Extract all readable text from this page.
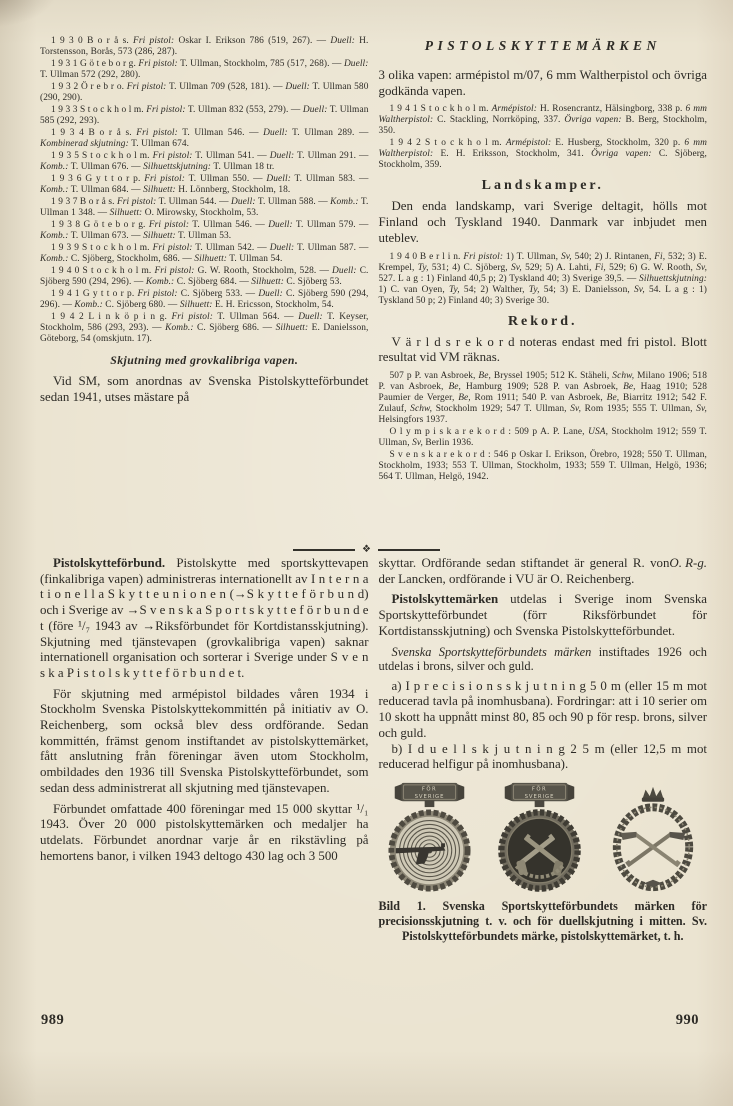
1 9 3 0 B o r å s. Fri pistol: Oskar I. Erikson 786 (519, 267). — Duell: H. Torstensson, Borås, 573 (286, 287).

1 9 3 1 G ö t e b o r g. Fri pistol: T. Ullman, Stockholm, 785 (517, 268). — Duell: T. Ullman 572 (292, 280).

1 9 3 2 Ö r e b r o. Fri pistol: T. Ullman 709 (528, 181). — Duell: T. Ullman 580 (290, 290).

1 9 3 3 S t o c k h o l m. Fri pistol: T. Ullman 832 (553, 279). — Duell: T. Ullman 585 (292, 293).

1 9 3 4 B o r å s. Fri pistol: T. Ullman 546. — Duell: T. Ullman 289. — Kombinerad skjutning: T. Ullman 674.

1 9 3 5 S t o c k h o l m. Fri pistol: T. Ullman 541. — Duell: T. Ullman 291. — Komb.: T. Ullman 676. — Silhuettskjutning: T. Ullman 18 tr.

1 9 3 6 G y t t o r p. Fri pistol: T. Ullman 550. — Duell: T. Ullman 583. — Komb.: T. Ullman 684. — Silhuett: H. Lönnberg, Stockholm, 18.

1 9 3 7 B o r å s. Fri pistol: T. Ullman 544. — Duell: T. Ullman 588. — Komb.: T. Ullman 1 348. — Silhuett: O. Mirowsky, Stockholm, 53.

1 9 3 8 G ö t e b o r g. Fri pistol: T. Ullman 546. — Duell: T. Ullman 579. — Komb.: T. Ullman 673. — Silhuett: T. Ullman 53.

1 9 3 9 S t o c k h o l m. Fri pistol: T. Ullman 542. — Duell: T. Ullman 587. — Komb.: C. Sjöberg, Stockholm, 686. — Silhuett: T. Ullman 54.

1 9 4 0 S t o c k h o l m. Fri pistol: G. W. Rooth, Stockholm, 528. — Duell: C. Sjöberg 590 (294, 296). — Komb.: C. Sjöberg 684. — Silhuett: C. Sjöberg 53.

1 9 4 1 G y t t o r p. Fri pistol: C. Sjöberg 533. — Duell: C. Sjöberg 590 (294, 296). — Komb.: C. Sjöberg 680. — Silhuett: E. H. Ericsson, Stockholm, 54.

1 9 4 2 L i n k ö p i n g. Fri pistol: T. Ullman 564. — Duell: T. Keyser, Stockholm, 586 (293, 293). — Komb.: C. Sjöberg 686. — Silhuett: E. Danielsson, Göteborg, 54 (omskjutn. 17).

Skjutning med grovkalibriga vapen.

Vid SM, som anordnas av Svenska Pistolskytteförbundet sedan 1941, utses mästare på

PISTOLSKYTTEMÄRKEN

3 olika vapen: armépistol m/07, 6 mm Waltherpistol och övriga godkända vapen.

1 9 4 1 S t o c k h o l m. Armépistol: H. Rosencrantz, Hälsingborg, 338 p. 6 mm Waltherpistol: C. Stackling, Norrköping, 337. Övriga vapen: B. Berg, Stockholm, 350.

1 9 4 2 S t o c k h o l m. Armépistol: E. Husberg, Stockholm, 320 p. 6 mm Waltherpistol: E. H. Eriksson, Stockholm, 341. Övriga vapen: C. Sjöberg, Stockholm, 359.

Landskamper.

Den enda landskamp, vari Sverige deltagit, hölls mot Finland och Tyskland 1940. Danmark var inbjudet men uteblev.

1 9 4 0 B e r l i n. Fri pistol: 1) T. Ullman, Sv, 540; 2) J. Rintanen, Fi, 532; 3) E. Krempel, Ty, 531; 4) C. Sjöberg, Sv, 529; 5) A. Lahti, Fi, 529; 6) G. W. Rooth, Sv, 527. L a g : 1) Finland 40,5 p; 2) Tyskland 40; 3) Sverige 39,5. — Silhuettskjutning: 1) C. van Oyen, Ty, 54; 2) Walther, Ty, 54; 3) E. Danielsson, Sv, 54. L a g : 1) Tyskland 50 p; 2) Finland 40; 3) Sverige 30.

Rekord.

V ä r l d s r e k o r d noteras endast med fri pistol. Blott resultat vid VM räknas.

507 p P. van Asbroek, Be, Bryssel 1905; 512 K. Stäheli, Schw, Milano 1906; 518 P. van Asbroek, Be, Hamburg 1909; 528 P. van Asbroek, Be, Haag 1910; 528 Paumier de Verger, Be, Rom 1911; 540 P. van Asbroek, Be, Biarritz 1912; 542 F. Zulauf, Schw, Stockholm 1929; 547 T. Ullman, Sv, Rom 1935; 555 T. Ullman, Sv, Helsingfors 1937.

O l y m p i s k a r e k o r d : 509 p A. P. Lane, USA, Stockholm 1912; 559 T. Ullman, Sv, Berlin 1936.

S v e n s k a r e k o r d : 546 p Oskar I. Erikson, Örebro, 1928; 550 T. Ullman, Stockholm, 1933; 553 T. Ullman, Stockholm, 1933; 559 T. Ullman, Helgö, 1936; 564 T. Ullman, Helgö, 1942.

❖

Pistolskytteförbund. Pistolskytte med sportskyttevapen (finkalibriga vapen) administreras internationellt av I n t e r n a t i o n e l l a S k y t t e u n i o n e n (→S k y t t e f ö r b u n d) och i Sverige av →S v e n s k a S p o r t s k y t t e f ö r b u n d e t (före ¹/₇ 1943 av →Riksförbundet för Kortdistansskjutning). Skjutning med tjänstevapen (grovkalibriga vapen) saknar internationell organisation och sorterar i Sverige under S v e n s k a P i s t o l s k y t t e f ö r b u n d e t.

För skjutning med armépistol bildades våren 1934 i Stockholm Svenska Pistolskyttekommittén på initiativ av O. Reichenberg, som också blev dess ordförande. Sedan kommittén, främst genom instiftandet av pistolskyttemärket, fått anslutning från föreningar även utom Stockholm, ombildades den 1936 till Svenska Pistolskytteförbundet, som sedan dess administrerat all skjutning med tjänstevapen.

Förbundet omfattade 400 föreningar med 15 000 skyttar ¹/₁ 1943. Över 20 000 pistolskyttemärken och medaljer ha utdelats. Förbundet anordnar varje år en rikstävling på hemortens banor, i vilken 1943 deltogo 430 lag och 3 500

O. R-g.
skyttar. Ordförande sedan stiftandet är general R. von der Lancken, ordförande i VU är O. Reichenberg.

Pistolskyttemärken utdelas i Sverige inom Svenska Sportskytteförbundet (förr Riksförbundet för Kortdistansskjutning) och Svenska Pistolskytteförbundet.

Svenska Sportskytteförbundets märken instiftades 1926 och utdelas i brons, silver och guld.

a) I p r e c i s i o n s s k j u t n i n g 5 0 m (eller 15 m mot reducerad tavla på inomhusbana). Fordringar: att i 10 serier om 10 skott ha uppnått minst 80, 85 och 90 p för resp. brons, silver och guld.

b) I d u e l l s k j u t n i n g 2 5 m (eller 12,5 m mot reducerad helfigur på inomhusbana).

FÖR
SVERIGE
FÖR
SVERIGE

Bild 1. Svenska Sportskytteförbundets märken för precisionsskjutning t. v. och för duellskjutning i mitten. Sv. Pistolskytteförbundets märke, pistolskyttemärket, t. h.

989	990
